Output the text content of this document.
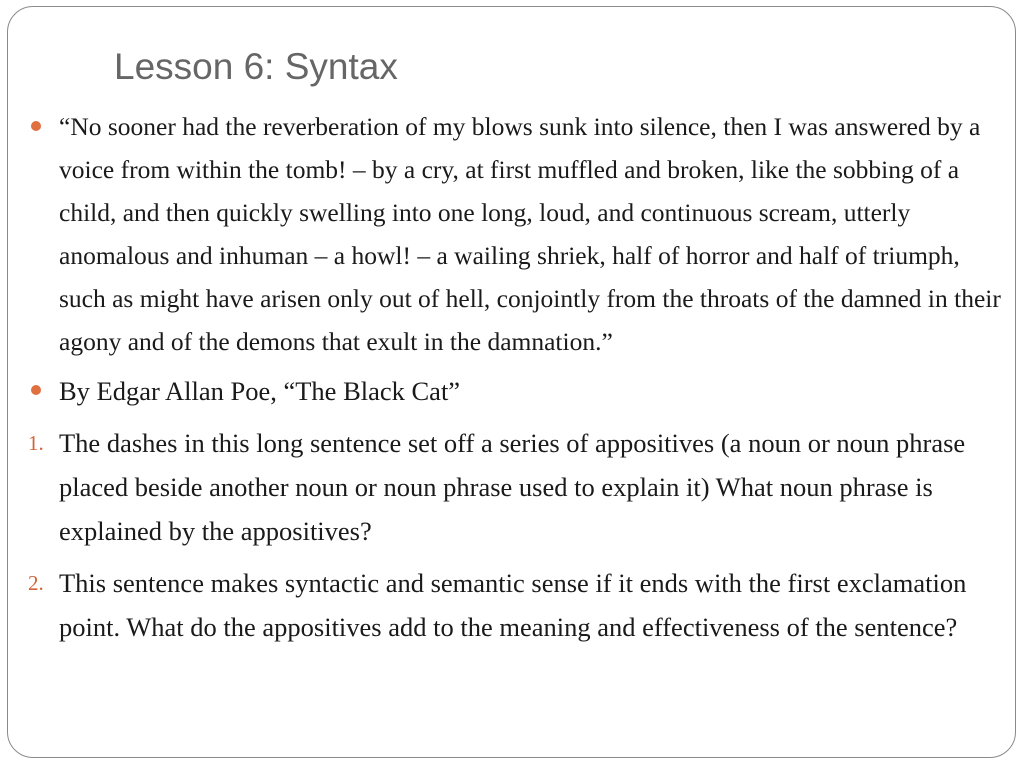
Lesson 6: Syntax
“No sooner had the reverberation of my blows sunk into silence, then I was answered by a voice from within the tomb! – by a cry, at first muffled and broken, like the sobbing of a child, and then quickly swelling into one long, loud, and continuous scream, utterly anomalous and inhuman – a howl! – a wailing shriek, half of horror and half of triumph, such as might have arisen only out of hell, conjointly from the throats of the damned in their agony and of the demons that exult in the damnation.”
By Edgar Allan Poe, “The Black Cat”
1. The dashes in this long sentence set off a series of appositives (a noun or noun phrase placed beside another noun or noun phrase used to explain it) What noun phrase is explained by the appositives?
2. This sentence makes syntactic and semantic sense if it ends with the first exclamation point. What do the appositives add to the meaning and effectiveness of the sentence?
